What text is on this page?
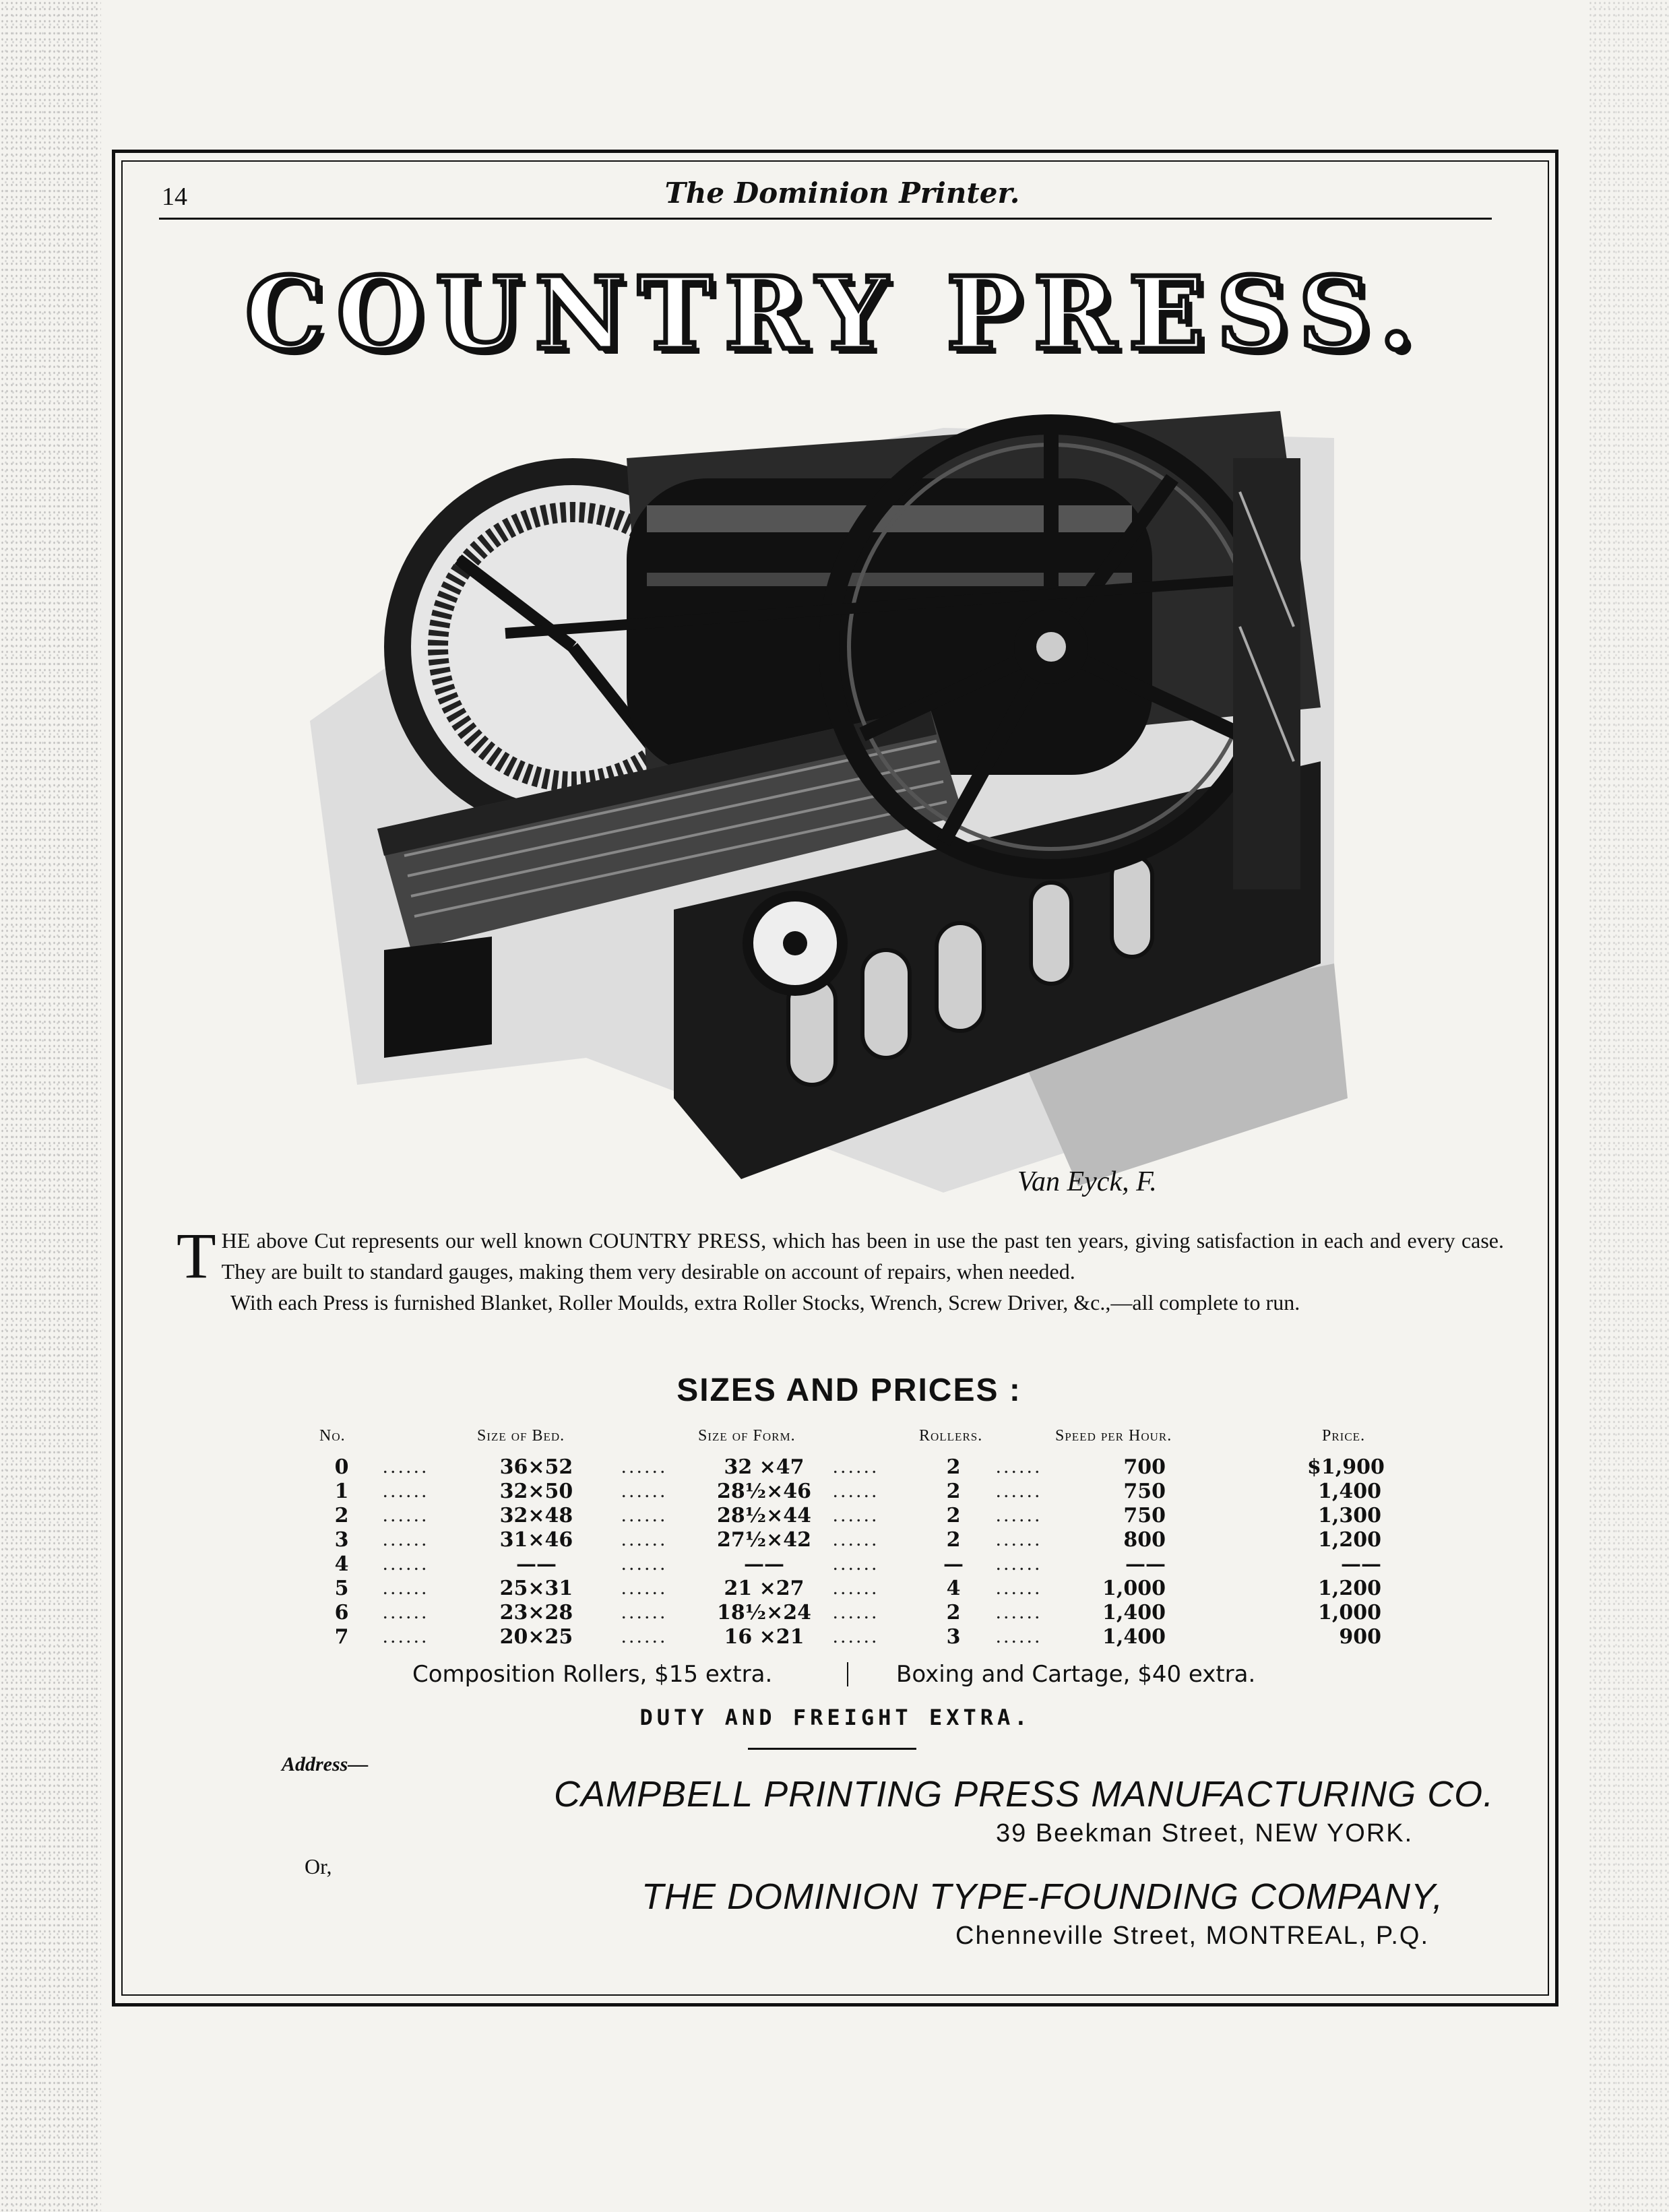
14	The Dominion Printer.
COUNTRY PRESS.
Van Eyck, F.

T HE above Cut represents our well known COUNTRY PRESS, which has been in use the past ten years, giving satisfaction in each and every case. They are built to standard gauges, making them very desirable on account of repairs, when needed.

With each Press is furnished Blanket, Roller Moulds, extra Roller Stocks, Wrench, Screw Driver, &c.,—all complete to run.

SIZES AND PRICES :
No.	Size of Bed.	Size of Form.	Rollers.	Speed per Hour.	Price.
0	36×52	32 ×47	2	700	$1,900
......	......	......	......
1	32×50	28½×46	2	750	1,400
......	......	......	......
2	32×48	28½×44	2	750	1,300
......	......	......	......
3	31×46	27½×42	2	800	1,200
......	......	......	......
4	——	——	—	——	——
......	......	......	......
5	25×31	21 ×27	4	1,000	1,200
......	......	......	......
6	23×28	18½×24	2	1,400	1,000
......	......	......	......
7	20×25	16 ×21	3	1,400	900
......	......	......	......
Composition Rollers, $15 extra.	Boxing and Cartage, $40 extra.
DUTY AND FREIGHT EXTRA.
Address—
CAMPBELL PRINTING PRESS MANUFACTURING CO.
39 Beekman Street, NEW YORK.
Or,
THE DOMINION TYPE-FOUNDING COMPANY,
Chenneville Street, MONTREAL, P.Q.
